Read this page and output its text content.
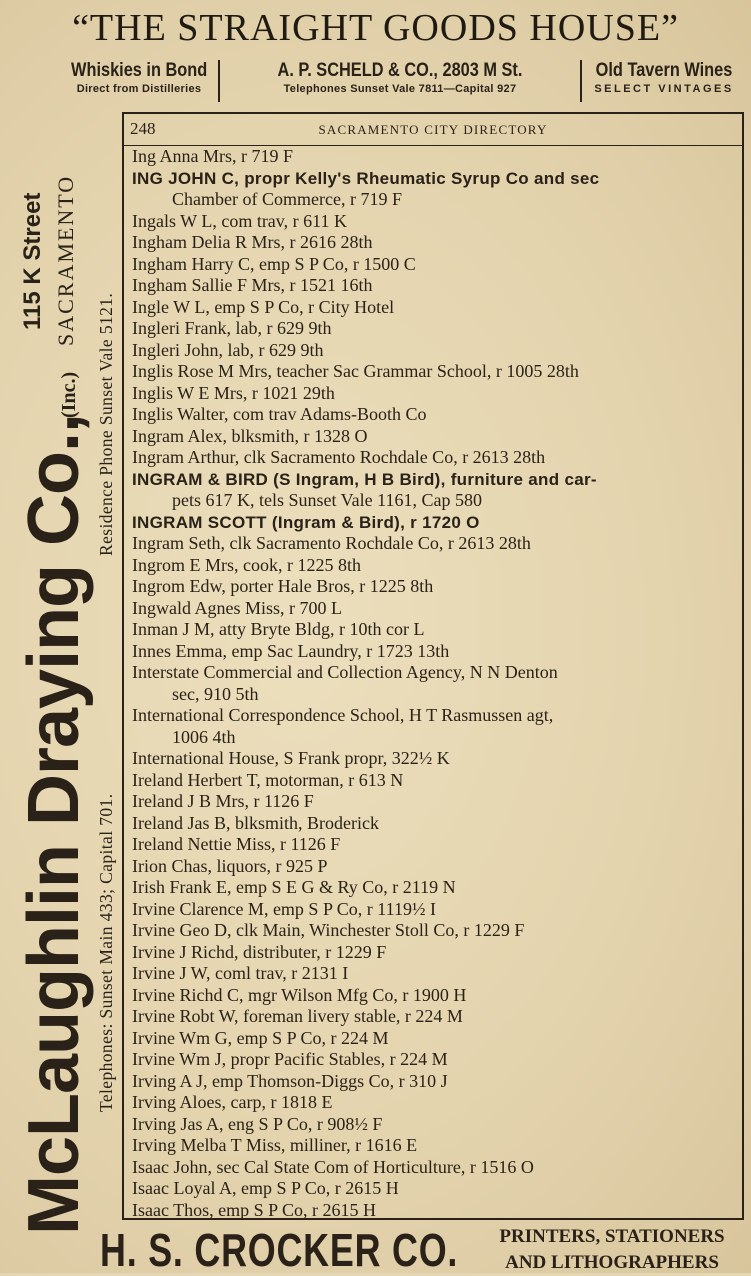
“THE STRAIGHT GOODS HOUSE”
Whiskies in Bond
Direct from Distilleries
A. P. SCHELD & CO., 2803 M St.
Telephones Sunset Vale 7811—Capital 927
Old Tavern Wines
SELECT VINTAGES
McLaughlin Draying Co.,
(Inc.)
115 K Street SACRAMENTO
Residence Phone Sunset Vale 5121.
Telephones: Sunset Main 433; Capital 701.
248	SACRAMENTO CITY DIRECTORY
Ing Anna Mrs, r 719 F
ING JOHN C, propr Kelly's Rheumatic Syrup Co and sec
Chamber of Commerce, r 719 F
Ingals W L, com trav, r 611 K
Ingham Delia R Mrs, r 2616 28th
Ingham Harry C, emp S P Co, r 1500 C
Ingham Sallie F Mrs, r 1521 16th
Ingle W L, emp S P Co, r City Hotel
Ingleri Frank, lab, r 629 9th
Ingleri John, lab, r 629 9th
Inglis Rose M Mrs, teacher Sac Grammar School, r 1005 28th
Inglis W E Mrs, r 1021 29th
Inglis Walter, com trav Adams-Booth Co
Ingram Alex, blksmith, r 1328 O
Ingram Arthur, clk Sacramento Rochdale Co, r 2613 28th
INGRAM & BIRD (S Ingram, H B Bird), furniture and car-
pets 617 K, tels Sunset Vale 1161, Cap 580
INGRAM SCOTT (Ingram & Bird), r 1720 O
Ingram Seth, clk Sacramento Rochdale Co, r 2613 28th
Ingrom E Mrs, cook, r 1225 8th
Ingrom Edw, porter Hale Bros, r 1225 8th
Ingwald Agnes Miss, r 700 L
Inman J M, atty Bryte Bldg, r 10th cor L
Innes Emma, emp Sac Laundry, r 1723 13th
Interstate Commercial and Collection Agency, N N Denton
sec, 910 5th
International Correspondence School, H T Rasmussen agt,
1006 4th
International House, S Frank propr, 322½ K
Ireland Herbert T, motorman, r 613 N
Ireland J B Mrs, r 1126 F
Ireland Jas B, blksmith, Broderick
Ireland Nettie Miss, r 1126 F
Irion Chas, liquors, r 925 P
Irish Frank E, emp S E G & Ry Co, r 2119 N
Irvine Clarence M, emp S P Co, r 1119½ I
Irvine Geo D, clk Main, Winchester Stoll Co, r 1229 F
Irvine J Richd, distributer, r 1229 F
Irvine J W, coml trav, r 2131 I
Irvine Richd C, mgr Wilson Mfg Co, r 1900 H
Irvine Robt W, foreman livery stable, r 224 M
Irvine Wm G, emp S P Co, r 224 M
Irvine Wm J, propr Pacific Stables, r 224 M
Irving A J, emp Thomson-Diggs Co, r 310 J
Irving Aloes, carp, r 1818 E
Irving Jas A, eng S P Co, r 908½ F
Irving Melba T Miss, milliner, r 1616 E
Isaac John, sec Cal State Com of Horticulture, r 1516 O
Isaac Loyal A, emp S P Co, r 2615 H
Isaac Thos, emp S P Co, r 2615 H
H. S. CROCKER CO.	PRINTERS, STATIONERS
AND LITHOGRAPHERS
